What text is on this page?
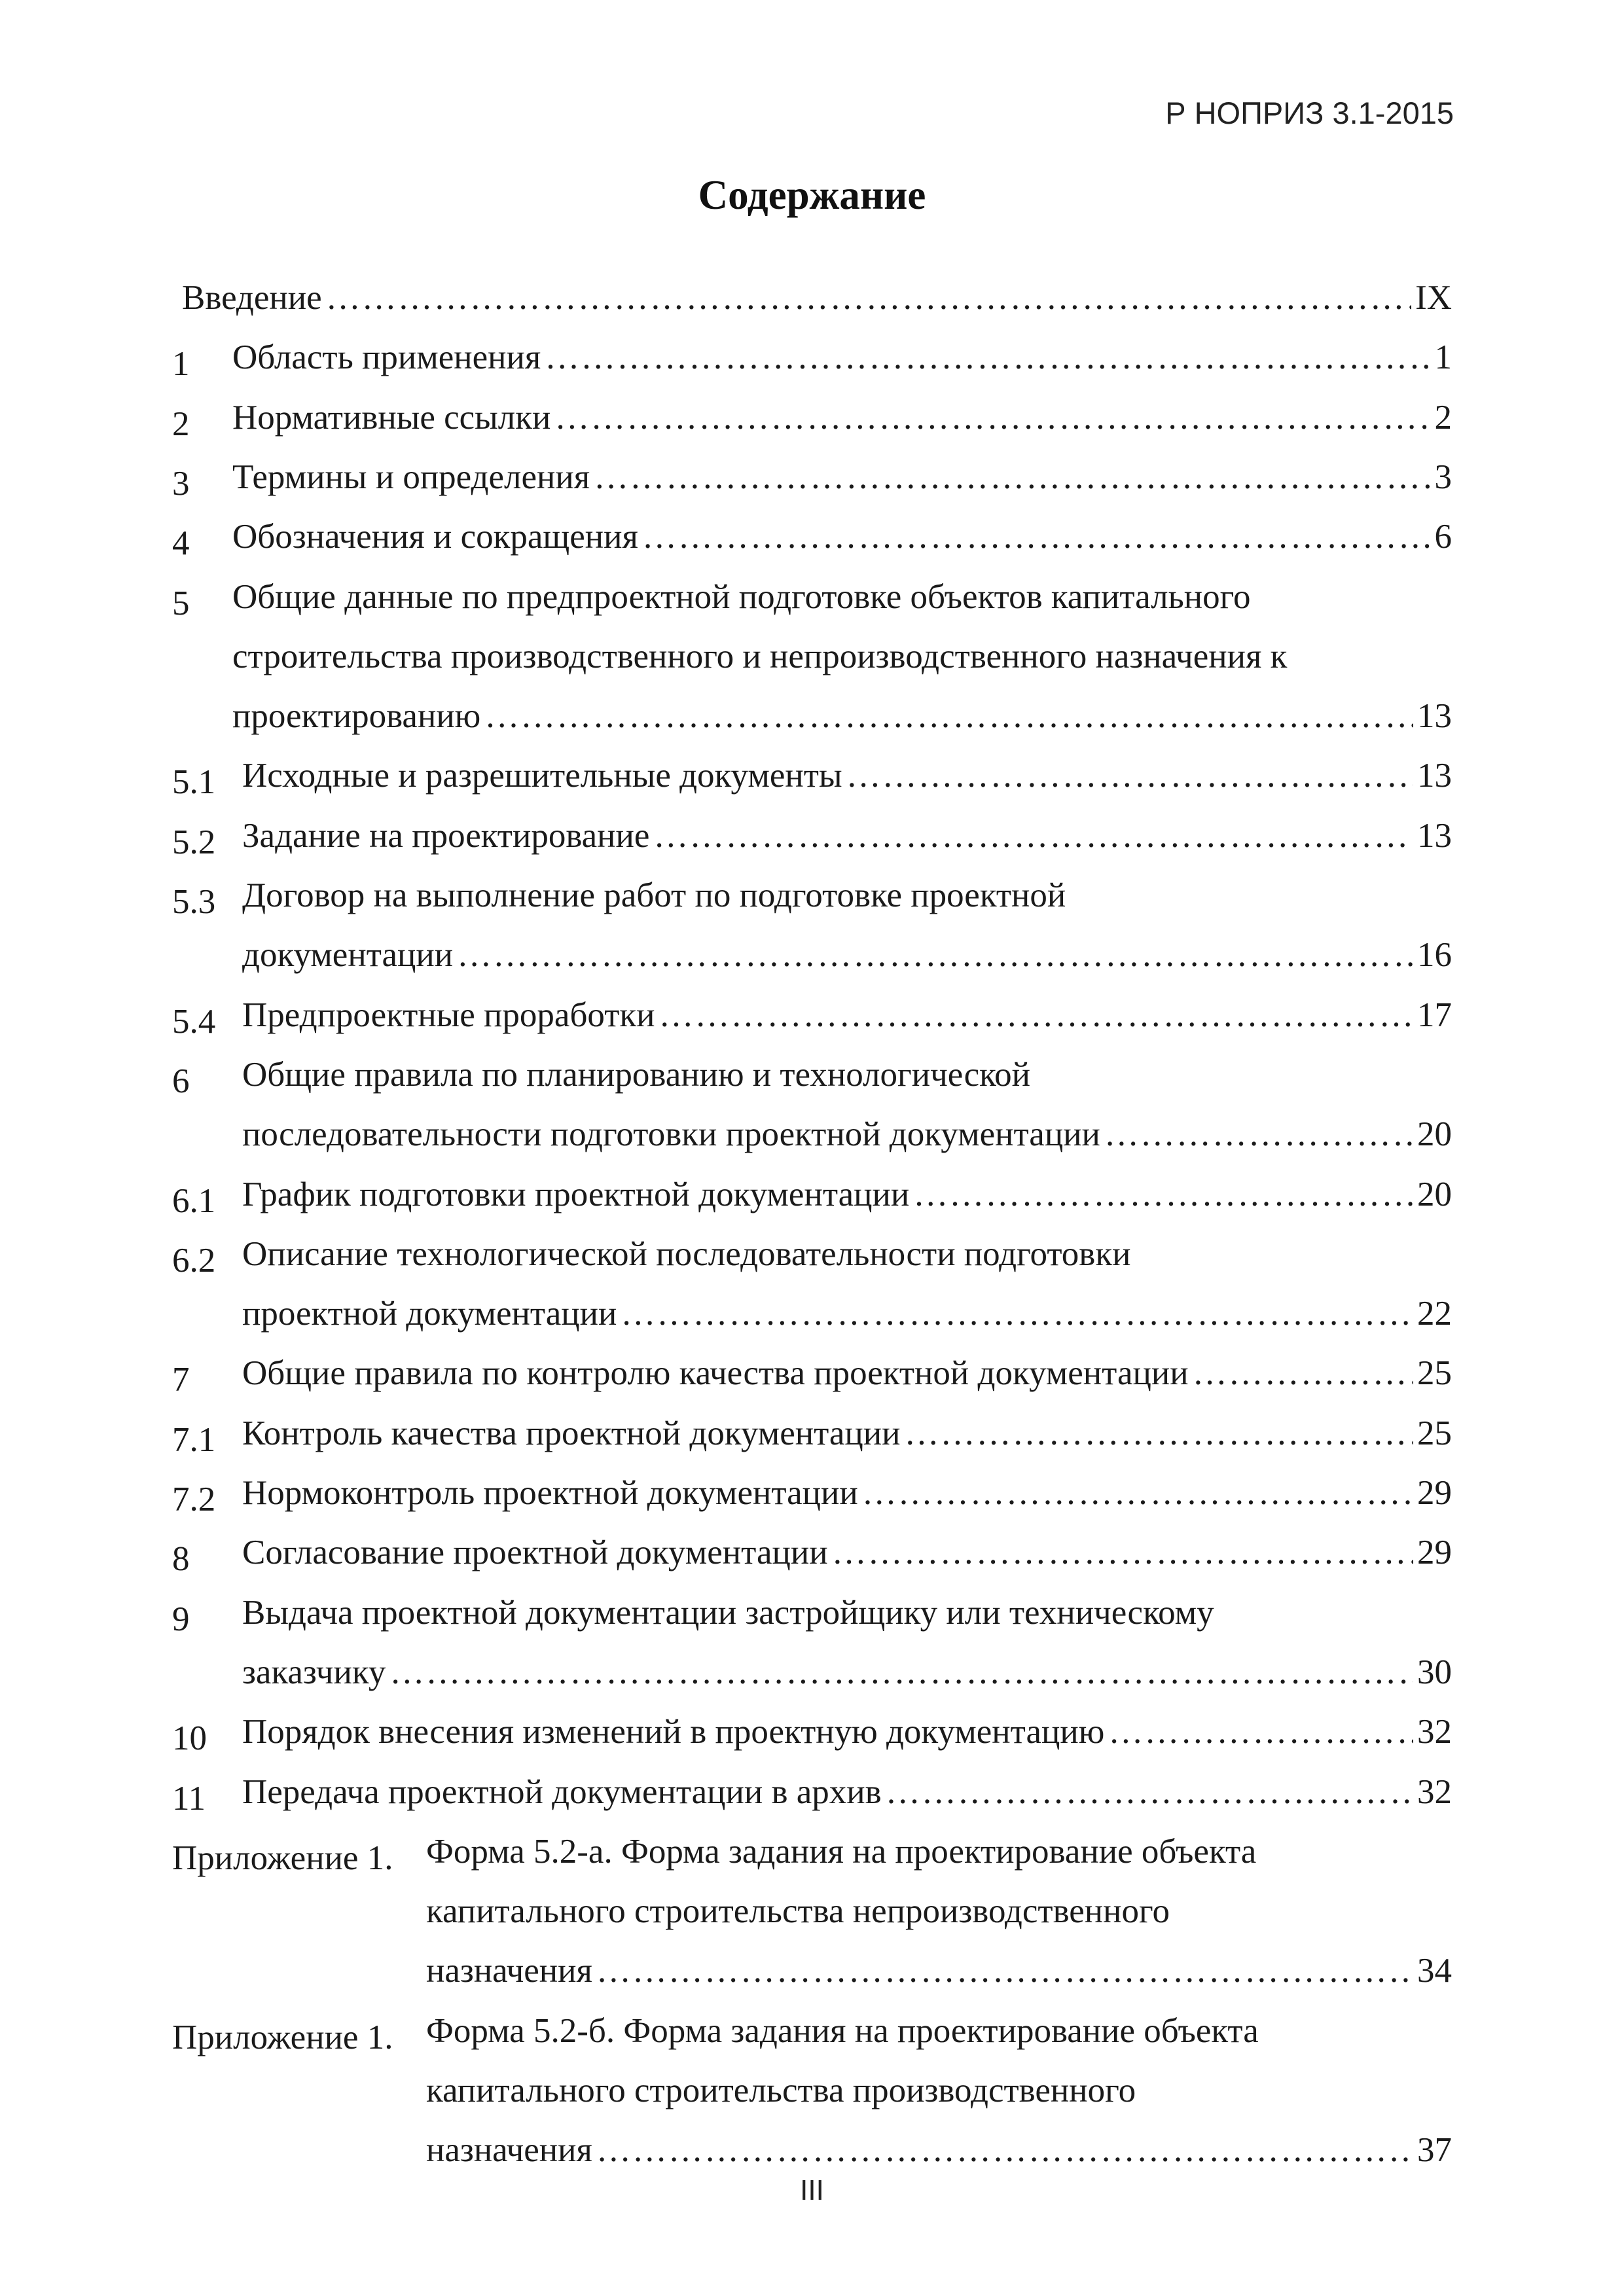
Р НОПРИЗ 3.1-2015
Содержание
Введение …………………………………………………………………………………………………………………………………………………………………………………………………………	IX
1 Область применения …………………………………………………………………………………………………………………………………………………………………………………………………………	1
2 Нормативные ссылки …………………………………………………………………………………………………………………………………………………………………………………………………………	2
3 Термины и определения …………………………………………………………………………………………………………………………………………………………………………………………………………	3
4 Обозначения и сокращения …………………………………………………………………………………………………………………………………………………………………………………………………………	6
5 Общие данные по предпроектной подготовке объектов капитального
строительства производственного и непроизводственного назначения к
проектированию …………………………………………………………………………………………………………………………………………………………………………………………………………	13
5.1 Исходные и разрешительные документы …………………………………………………………………………………………………………………………………………………………………………………………………………	13
5.2 Задание на проектирование …………………………………………………………………………………………………………………………………………………………………………………………………………	13
5.3 Договор на выполнение работ по подготовке проектной
документации …………………………………………………………………………………………………………………………………………………………………………………………………………	16
5.4 Предпроектные проработки …………………………………………………………………………………………………………………………………………………………………………………………………………	17
6 Общие правила по планированию и технологической
последовательности подготовки проектной документации …………………………………………………………………………………………………………………………………………………………………………………………………………	20
6.1 График подготовки проектной документации …………………………………………………………………………………………………………………………………………………………………………………………………………	20
6.2 Описание технологической последовательности подготовки
проектной документации …………………………………………………………………………………………………………………………………………………………………………………………………………	22
7 Общие правила по контролю качества проектной документации …………………………………………………………………………………………………………………………………………………………………………………………………………	25
7.1 Контроль качества проектной документации …………………………………………………………………………………………………………………………………………………………………………………………………………	25
7.2 Нормоконтроль проектной документации …………………………………………………………………………………………………………………………………………………………………………………………………………	29
8 Согласование проектной документации …………………………………………………………………………………………………………………………………………………………………………………………………………	29
9 Выдача проектной документации застройщику или техническому
заказчику …………………………………………………………………………………………………………………………………………………………………………………………………………	30
10 Порядок внесения изменений в проектную документацию …………………………………………………………………………………………………………………………………………………………………………………………………………	32
11 Передача проектной документации в архив …………………………………………………………………………………………………………………………………………………………………………………………………………	32
Приложение 1. Форма 5.2-а. Форма задания на проектирование объекта
капитального строительства непроизводственного
назначения …………………………………………………………………………………………………………………………………………………………………………………………………………	34
Приложение 1. Форма 5.2-б. Форма задания на проектирование объекта
капитального строительства производственного
назначения …………………………………………………………………………………………………………………………………………………………………………………………………………	37
III
